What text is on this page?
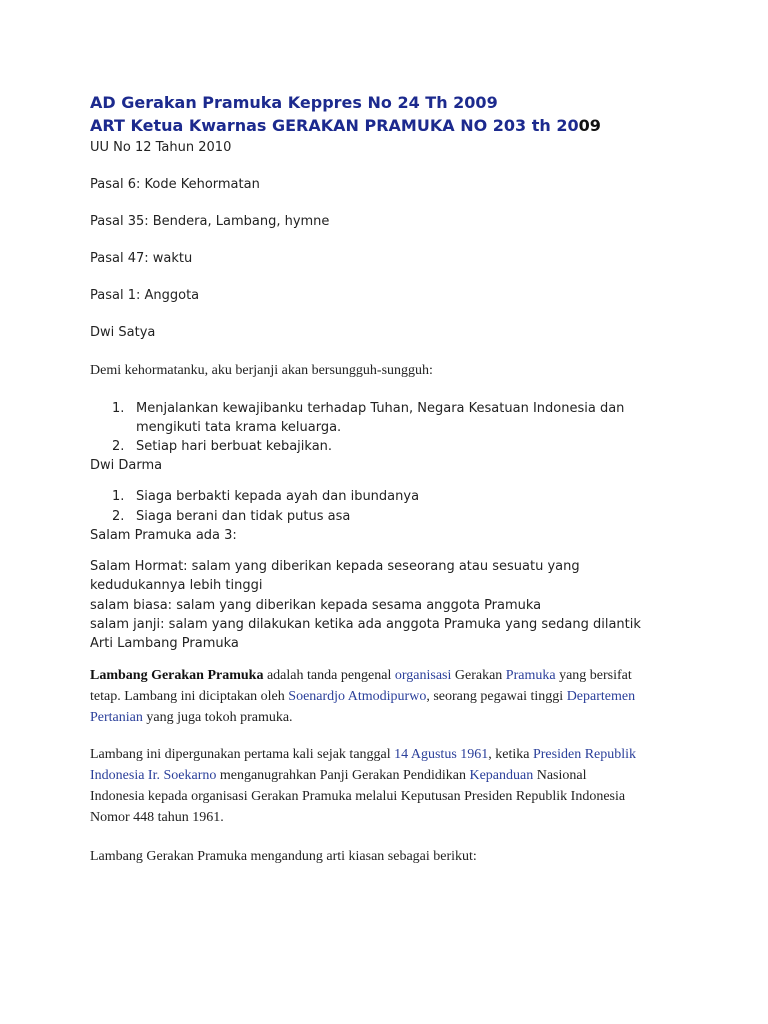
AD Gerakan Pramuka Keppres No 24 Th 2009
ART Ketua Kwarnas GERAKAN PRAMUKA NO 203 th 2009
UU No 12 Tahun 2010
Pasal 6: Kode Kehormatan
Pasal 35: Bendera, Lambang, hymne
Pasal 47: waktu
Pasal 1: Anggota
Dwi Satya
Demi kehormatanku, aku berjanji akan bersungguh-sungguh:
1. Menjalankan kewajibanku terhadap Tuhan, Negara Kesatuan Indonesia dan
mengikuti tata krama keluarga.
2. Setiap hari berbuat kebajikan.
Dwi Darma
1. Siaga berbakti kepada ayah dan ibundanya
2. Siaga berani dan tidak putus asa
Salam Pramuka ada 3:
Salam Hormat: salam yang diberikan kepada seseorang atau sesuatu yang
kedudukannya lebih tinggi
salam biasa: salam yang diberikan kepada sesama anggota Pramuka
salam janji: salam yang dilakukan ketika ada anggota Pramuka yang sedang dilantik
Arti Lambang Pramuka
Lambang Gerakan Pramuka adalah tanda pengenal organisasi Gerakan Pramuka yang bersifat
tetap. Lambang ini diciptakan oleh Soenardjo Atmodipurwo, seorang pegawai tinggi Departemen
Pertanian yang juga tokoh pramuka.
Lambang ini dipergunakan pertama kali sejak tanggal 14 Agustus 1961, ketika Presiden Republik
Indonesia Ir. Soekarno menganugrahkan Panji Gerakan Pendidikan Kepanduan Nasional
Indonesia kepada organisasi Gerakan Pramuka melalui Keputusan Presiden Republik Indonesia
Nomor 448 tahun 1961.
Lambang Gerakan Pramuka mengandung arti kiasan sebagai berikut:
